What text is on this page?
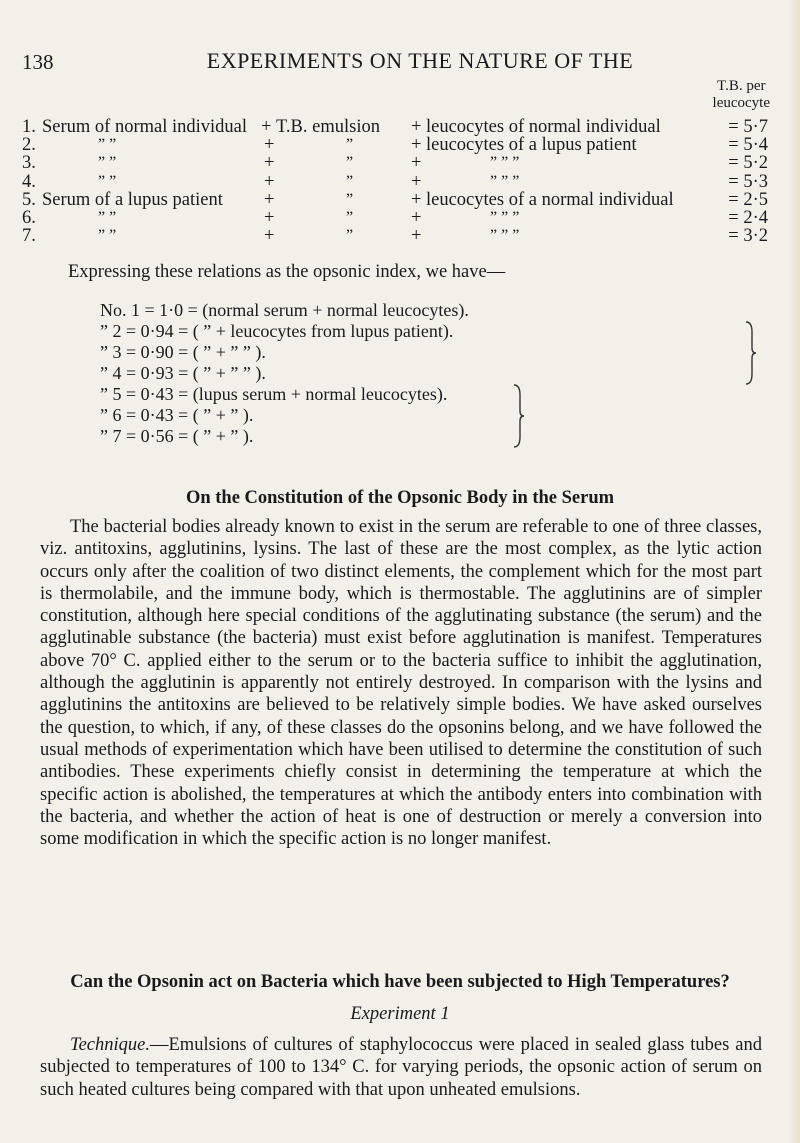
138	EXPERIMENTS ON THE NATURE OF THE
T.B. per
leucocyte
1. Serum of normal individual + T.B. emulsion + leucocytes of normal individual	= 5·7
2.	” ”	+	”	+ leucocytes of a lupus patient	= 5·4
3.	” ”	+	”	+	” ” ”	= 5·2
4.	” ”	+	”	+	” ” ”	= 5·3
5. Serum of a lupus patient +	”	+ leucocytes of a normal individual	= 2·5
6.	” ”	+	”	+	” ” ”	= 2·4
7.	” ”	+	”	+	” ” ”	= 3·2
Expressing these relations as the opsonic index, we have—
No. 1 = 1·0 = (normal serum + normal leucocytes).
” 2 = 0·94 = ( ” + leucocytes from lupus patient).
” 3 = 0·90 = ( ” + ” ” ).
” 4 = 0·93 = ( ” + ” ” ).
” 5 = 0·43 = (lupus serum + normal leucocytes).
” 6 = 0·43 = ( ” + ” ).
” 7 = 0·56 = ( ” + ” ).
On the Constitution of the Opsonic Body in the Serum

The bacterial bodies already known to exist in the serum are referable to one of three classes, viz. antitoxins, agglutinins, lysins. The last of these are the most complex, as the lytic action occurs only after the coalition of two distinct elements, the complement which for the most part is thermolabile, and the immune body, which is thermostable. The agglutinins are of simpler constitution, although here special conditions of the agglutinating substance (the serum) and the agglutinable substance (the bacteria) must exist before agglutination is manifest. Temperatures above 70° C. applied either to the serum or to the bacteria suffice to inhibit the agglutination, although the agglutinin is apparently not entirely destroyed. In comparison with the lysins and agglutinins the antitoxins are believed to be relatively simple bodies. We have asked ourselves the question, to which, if any, of these classes do the opsonins belong, and we have followed the usual methods of experimentation which have been utilised to determine the constitution of such antibodies. These experiments chiefly consist in determining the temperature at which the specific action is abolished, the temperatures at which the antibody enters into combination with the bacteria, and whether the action of heat is one of destruction or merely a conversion into some modification in which the specific action is no longer manifest.

Can the Opsonin act on Bacteria which have been subjected to High Temperatures?
Experiment 1

Technique.—Emulsions of cultures of staphylococcus were placed in sealed glass tubes and subjected to temperatures of 100 to 134° C. for varying periods, the opsonic action of serum on such heated cultures being compared with that upon unheated emulsions.
